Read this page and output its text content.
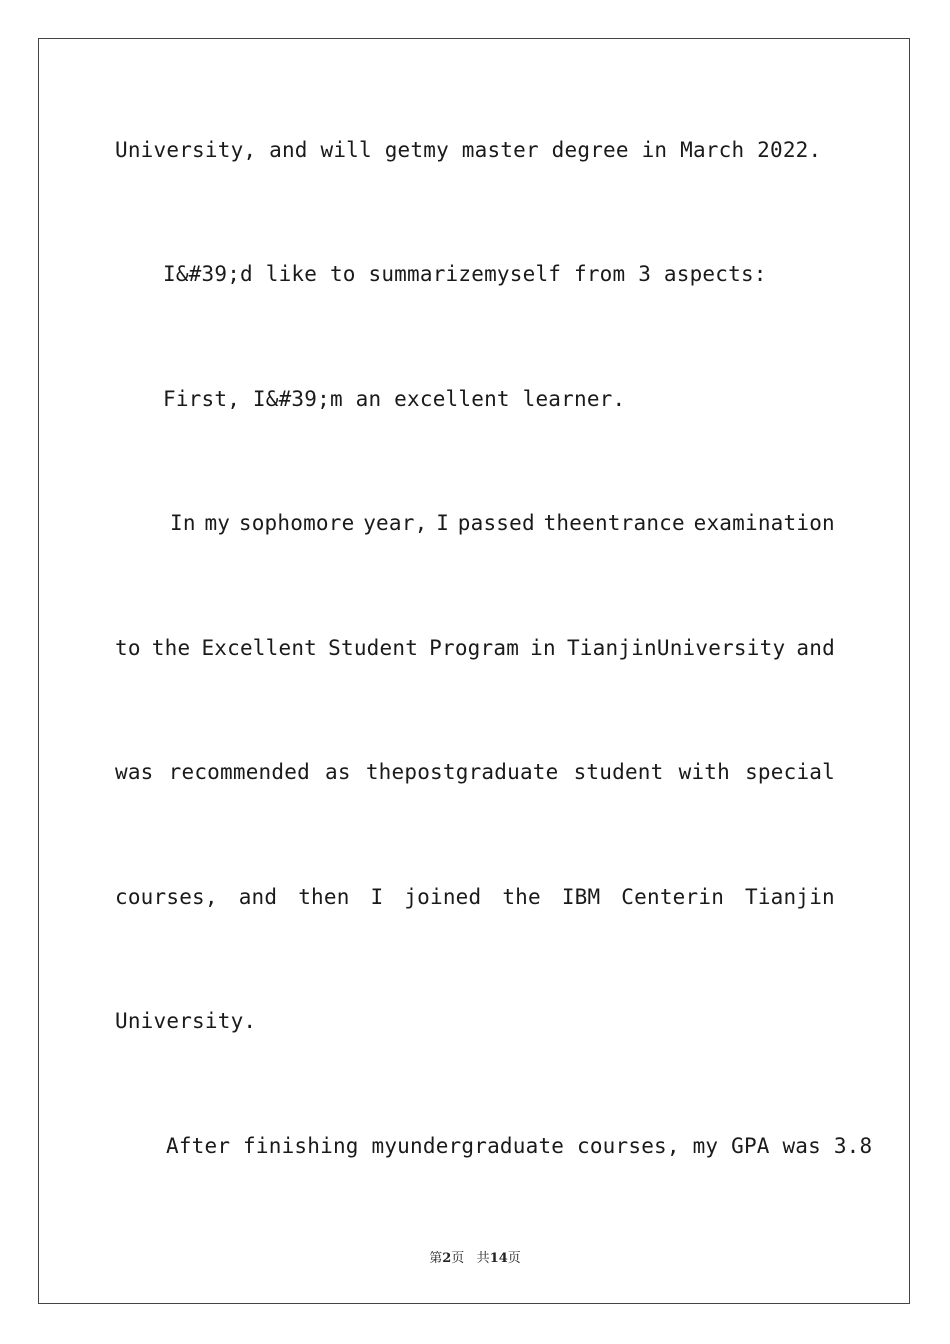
University, and will getmy master degree in March 2022.
I&#39;d like to summarizemyself from 3 aspects:
First, I&#39;m an excellent learner.
In my sophomore year, I passed theentrance examination
to the Excellent Student Program in TianjinUniversity and
was recommended as thepostgraduate student with special
courses, and then I joined the IBM Centerin Tianjin
University.
After finishing myundergraduate courses, my GPA was 3.8
第2页 共14页
